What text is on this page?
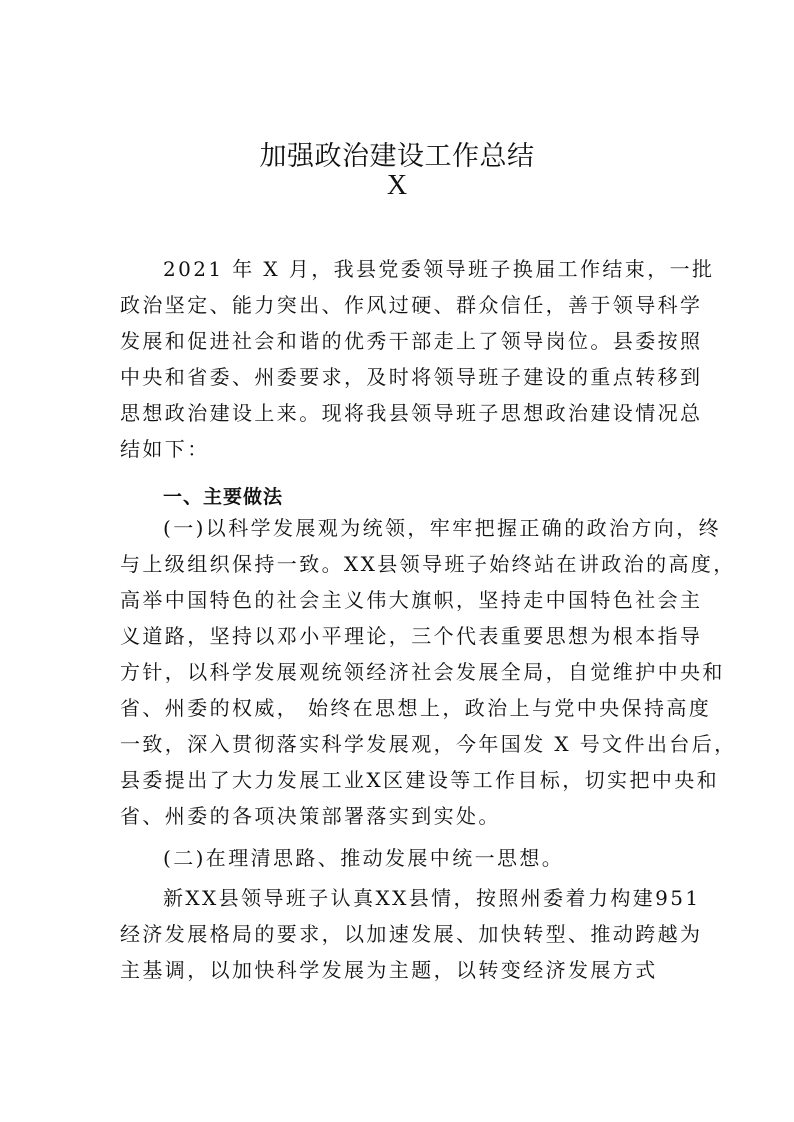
加强政治建设工作总结
X
2021 年 X 月，我县党委领导班子换届工作结束，一批
政治坚定、能力突出、作风过硬、群众信任，善于领导科学
发展和促进社会和谐的优秀干部走上了领导岗位。县委按照
中央和省委、州委要求，及时将领导班子建设的重点转移到
思想政治建设上来。现将我县领导班子思想政治建设情况总
结如下：
一、主要做法
(一)以科学发展观为统领，牢牢把握正确的政治方向，终
与上级组织保持一致。XX县领导班子始终站在讲政治的高度，
高举中国特色的社会主义伟大旗帜，坚持走中国特色社会主
义道路，坚持以邓小平理论，三个代表重要思想为根本指导
方针，以科学发展观统领经济社会发展全局，自觉维护中央和
省、州委的权威， 始终在思想上，政治上与党中央保持高度
一致，深入贯彻落实科学发展观，今年国发 X 号文件出台后，
县委提出了大力发展工业X区建设等工作目标，切实把中央和
省、州委的各项决策部署落实到实处。
(二)在理清思路、推动发展中统一思想。
新XX县领导班子认真XX县情，按照州委着力构建951
经济发展格局的要求，以加速发展、加快转型、推动跨越为
主基调，以加快科学发展为主题，以转变经济发展方式
